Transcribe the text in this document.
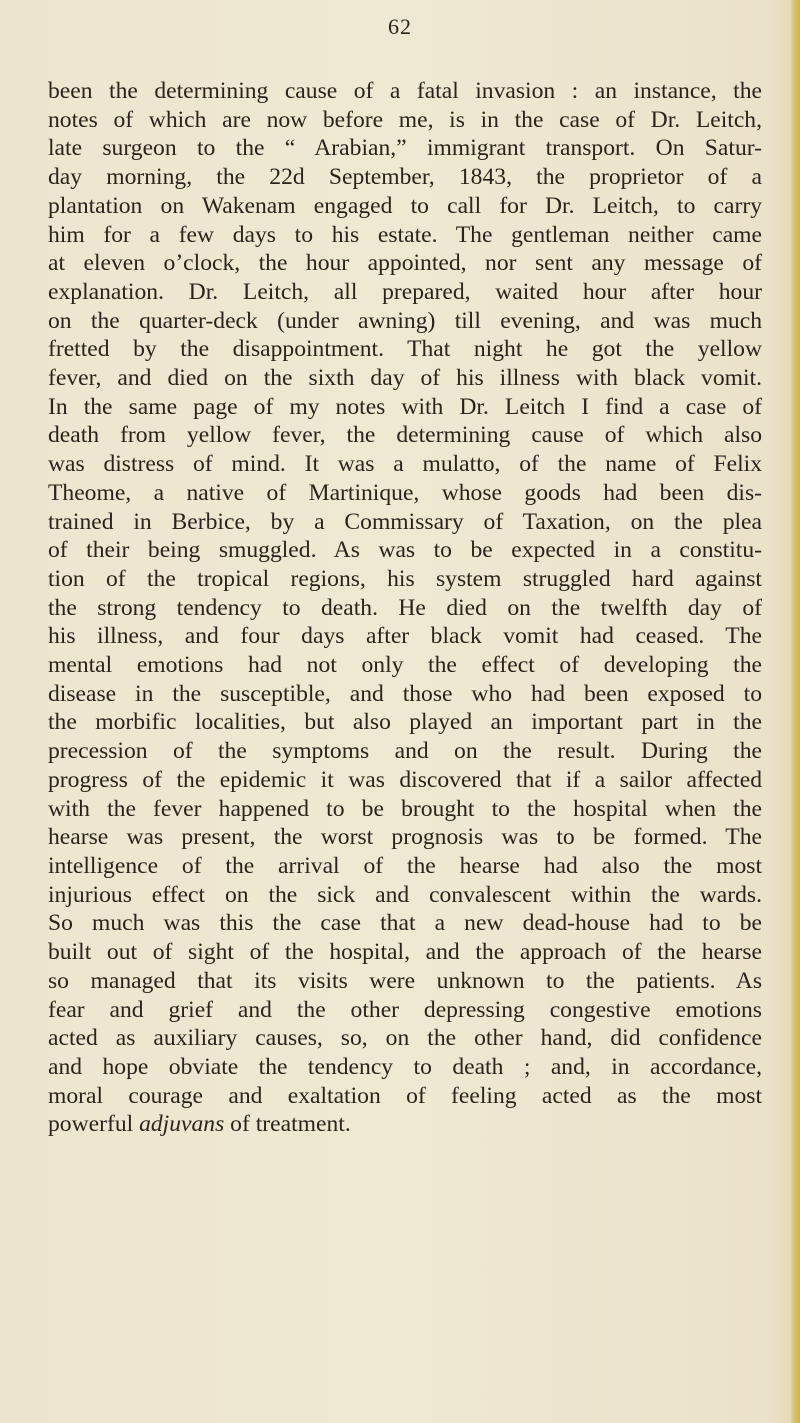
62
been the determining cause of a fatal invasion : an instance, the
notes of which are now before me, is in the case of Dr. Leitch,
late surgeon to the “ Arabian,” immigrant transport. On Satur-
day morning, the 22d September, 1843, the proprietor of a
plantation on Wakenam engaged to call for Dr. Leitch, to carry
him for a few days to his estate. The gentleman neither came
at eleven o’clock, the hour appointed, nor sent any message of
explanation. Dr. Leitch, all prepared, waited hour after hour
on the quarter-deck (under awning) till evening, and was much
fretted by the disappointment. That night he got the yellow
fever, and died on the sixth day of his illness with black vomit.
In the same page of my notes with Dr. Leitch I find a case of
death from yellow fever, the determining cause of which also
was distress of mind. It was a mulatto, of the name of Felix
Theome, a native of Martinique, whose goods had been dis-
trained in Berbice, by a Commissary of Taxation, on the plea
of their being smuggled. As was to be expected in a constitu-
tion of the tropical regions, his system struggled hard against
the strong tendency to death. He died on the twelfth day of
his illness, and four days after black vomit had ceased. The
mental emotions had not only the effect of developing the
disease in the susceptible, and those who had been exposed to
the morbific localities, but also played an important part in the
precession of the symptoms and on the result. During the
progress of the epidemic it was discovered that if a sailor affected
with the fever happened to be brought to the hospital when the
hearse was present, the worst prognosis was to be formed. The
intelligence of the arrival of the hearse had also the most
injurious effect on the sick and convalescent within the wards.
So much was this the case that a new dead-house had to be
built out of sight of the hospital, and the approach of the hearse
so managed that its visits were unknown to the patients. As
fear and grief and the other depressing congestive emotions
acted as auxiliary causes, so, on the other hand, did confidence
and hope obviate the tendency to death ; and, in accordance,
moral courage and exaltation of feeling acted as the most
powerful adjuvans of treatment.
